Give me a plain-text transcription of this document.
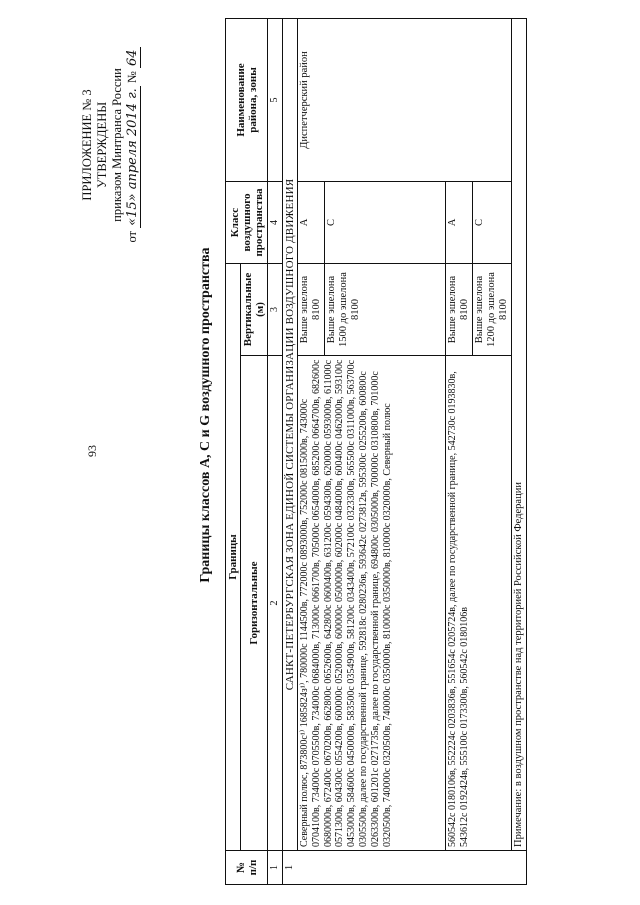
93
ПРИЛОЖЕНИЕ № 3 УТВЕРЖДЕНЫ приказом Минтранса России
от «15» апреля 2014 г. № 64
Границы классов А, С и G воздушного пространства
№
п/п	Границы		Класс
воздушного
пространства	Наименование
района, зоны
	Горизонтальные	Вертикальные
(м)		
1	2	3	4	5
1	САНКТ-ПЕТЕРБУРГСКАЯ ЗОНА ЕДИНОЙ СИСТЕМЫ ОРГАНИЗАЦИИ ВОЗДУШНОГО ДВИЖЕНИЯ			
	Северный полюс, 873800с¹⁾ 1685824з¹⁾, 780000с 1144500в, 772000с 0893000в, 752000с 0815000в, 743000с 0704100в, 734000с 0705500в, 734000с 0684000в, 713000с 0661700в, 705000с 0654000в, 685200с 0664700в, 682600с 0680000в, 672400с 0670200в, 662800с 0652600в, 642800с 0600400в, 631200с 0594300в, 620000с 0593000в, 611000с 0571300в, 604300с 0554200в, 600000с 0520000в, 600000с 0500000в, 602000с 0484000в, 600400с 0462000в, 593100с 0453000в, 584600с 0450000в, 583500с 0354900в, 581200с 0343400в, 572100с 0323300в, 565500с 0311000в, 563700с 0305500в, далее по государственной границе, 592818с 0280236в, 593642с 0273812в, 595300с 0255200в, 600800с 0263300в, 601201с 0271735в, далее по государственной границе, 694800с 0305000в, 700000с 0310800в, 701000с 0320500в, 740000с 0320500в, 740000с 0350000в, 810000с 0350000в, 810000с 0320000в, Северный полюс	Выше эшелона 8100	A	Диспетчерский район
		Выше эшелона 1500 до эшелона 8100	C	
	560542с 0180106в, 552224с 0203836в, 551654с 0205724в, далее по государственной границе, 542730с 0193830в, 543612с 0192424в, 555100с 0173300в, 560542с 0180106в	Выше эшелона 8100	A	
		Выше эшелона 1200 до эшелона 8100	C	
	Примечание: в воздушном пространстве над территорией Российской Федерации			
